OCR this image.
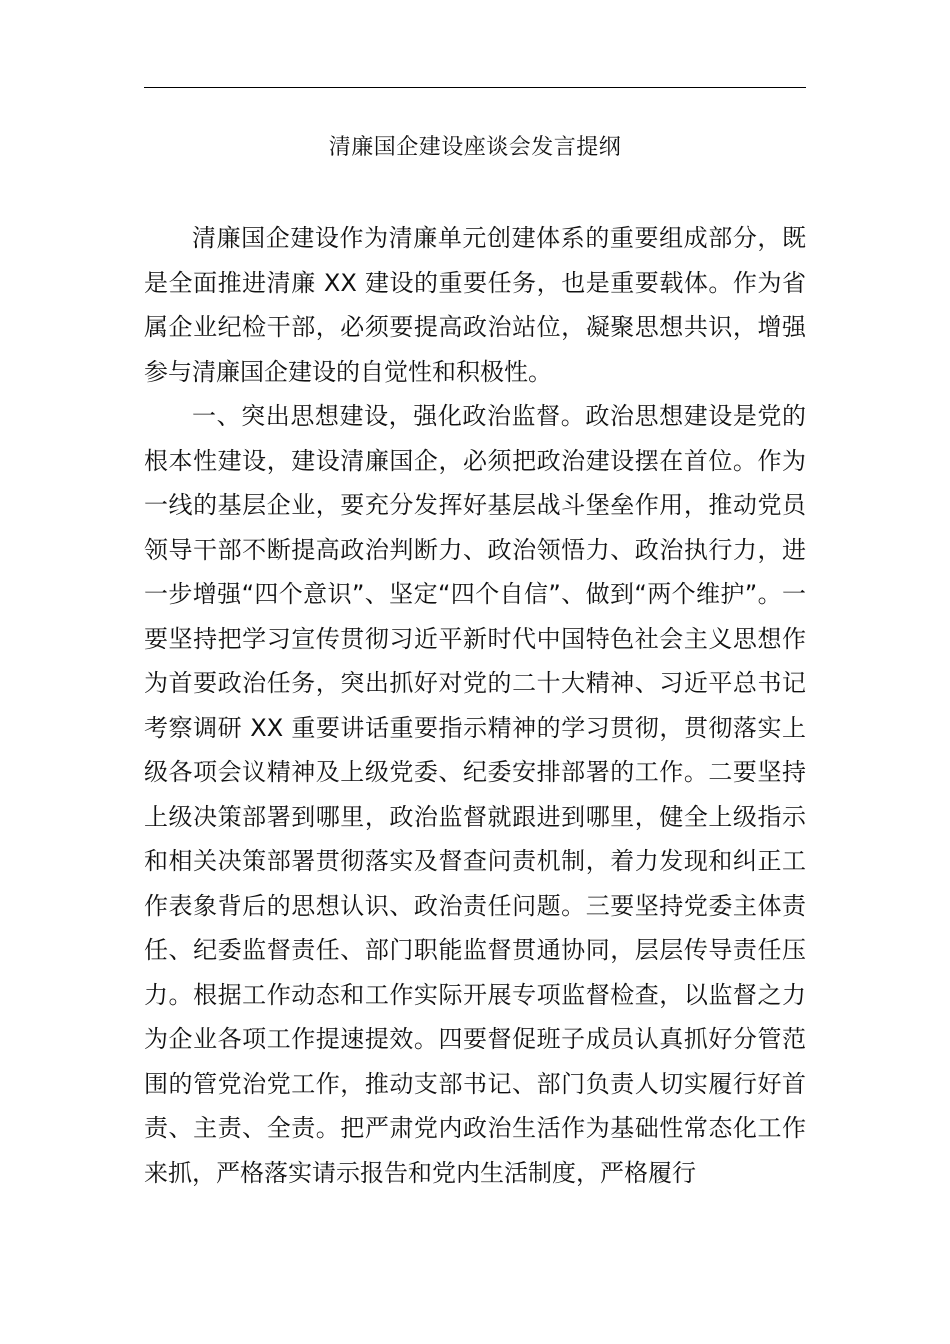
清廉国企建设座谈会发言提纲

清廉国企建设作为清廉单元创建体系的重要组成部分，既是全面推进清廉 XX 建设的重要任务，也是重要载体。作为省属企业纪检干部，必须要提高政治站位，凝聚思想共识，增强参与清廉国企建设的自觉性和积极性。

一、突出思想建设，强化政治监督。政治思想建设是党的根本性建设，建设清廉国企，必须把政治建设摆在首位。作为一线的基层企业，要充分发挥好基层战斗堡垒作用，推动党员领导干部不断提高政治判断力、政治领悟力、政治执行力，进一步增强“四个意识”、坚定“四个自信”、做到“两个维护”。一要坚持把学习宣传贯彻习近平新时代中国特色社会主义思想作为首要政治任务，突出抓好对党的二十大精神、习近平总书记考察调研 XX 重要讲话重要指示精神的学习贯彻，贯彻落实上级各项会议精神及上级党委、纪委安排部署的工作。二要坚持上级决策部署到哪里，政治监督就跟进到哪里，健全上级指示和相关决策部署贯彻落实及督查问责机制，着力发现和纠正工作表象背后的思想认识、政治责任问题。三要坚持党委主体责任、纪委监督责任、部门职能监督贯通协同，层层传导责任压力。根据工作动态和工作实际开展专项监督检查，以监督之力为企业各项工作提速提效。四要督促班子成员认真抓好分管范围的管党治党工作，推动支部书记、部门负责人切实履行好首责、主责、全责。把严肃党内政治生活作为基础性常态化工作来抓，严格落实请示报告和党内生活制度，严格履行
